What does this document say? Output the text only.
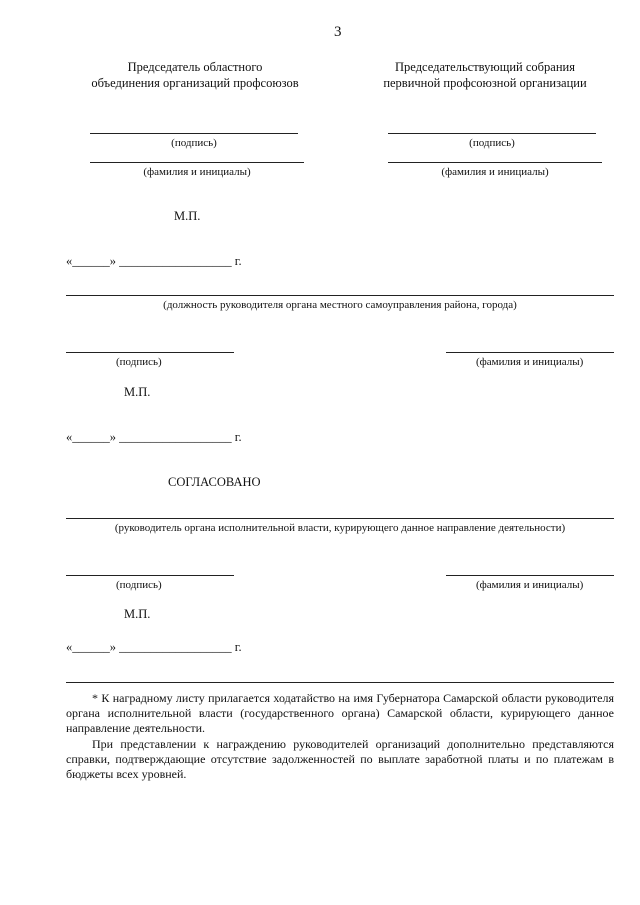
3
Председатель областного
объединения организаций профсоюзов
Председательствующий собрания
первичной профсоюзной организации
(подпись)
(фамилия и инициалы)
(подпись)
(фамилия и инициалы)
М.П.
«______» __________________ г.
(должность руководителя органа местного самоуправления района, города)
(подпись)	(фамилия и инициалы)
М.П.
«______» __________________ г.
СОГЛАСОВАНО
(руководитель органа исполнительной власти, курирующего данное направление деятельности)
(подпись)	(фамилия и инициалы)
М.П.
«______» __________________ г.

* К наградному листу прилагается ходатайство на имя Губернатора Самарской области руководителя органа исполнительной власти (государственного органа) Самарской области, курирующего данное направление деятельности.

При представлении к награждению руководителей организаций дополнительно представляются справки, подтверждающие отсутствие задолженностей по выплате заработной платы и по платежам в бюджеты всех уровней.
